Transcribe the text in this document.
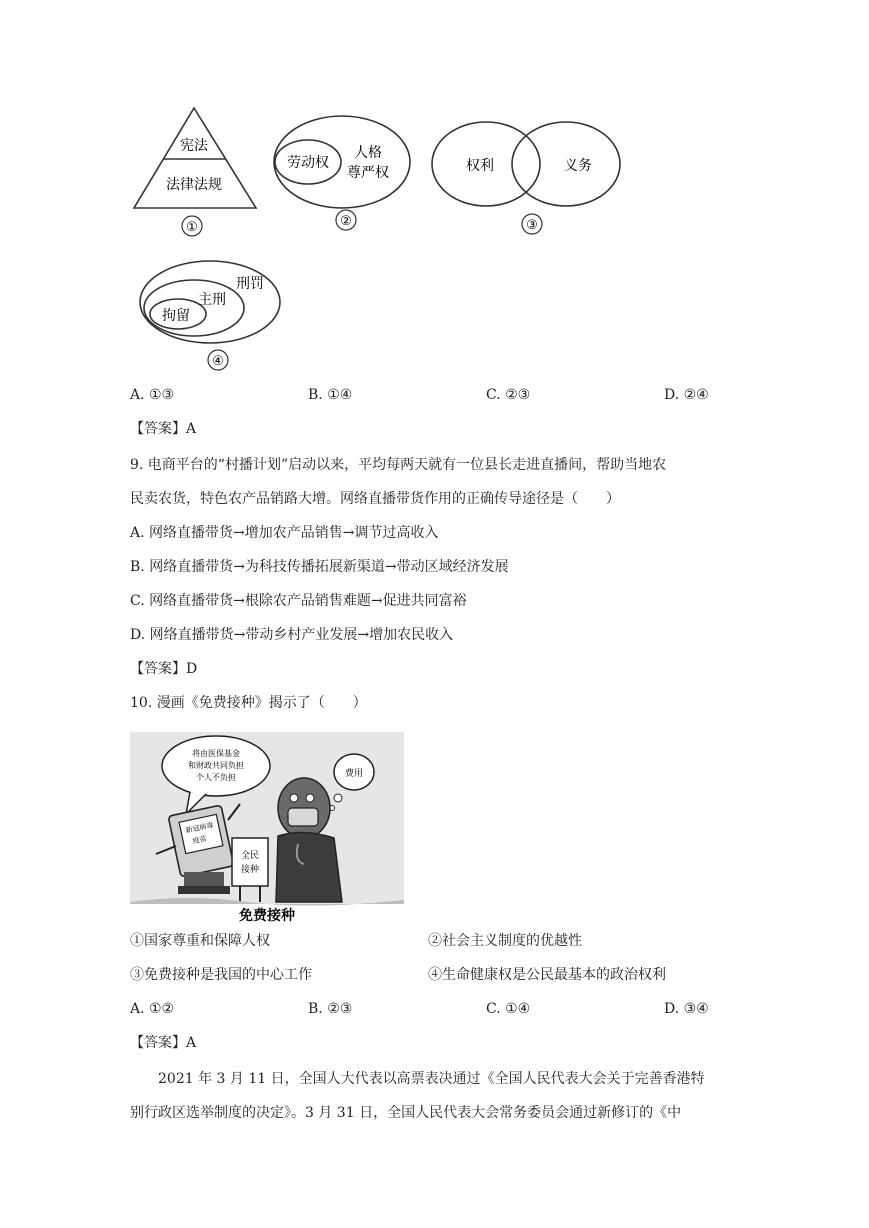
宪法
法律法规
①
劳动权
人格
尊严权
②
权利	义务
③
刑罚
主刑
拘留
④
A. ①③	B. ①④	C. ②③	D. ②④
【答案】A
9. 电商平台的“村播计划”启动以来，平均每两天就有一位县长走进直播间，帮助当地农
民卖农货，特色农产品销路大增。网络直播带货作用的正确传导途径是（　　）
A. 网络直播带货→增加农产品销售→调节过高收入
B. 网络直播带货→为科技传播拓展新渠道→带动区域经济发展
C. 网络直播带货→根除农产品销售难题→促进共同富裕
D. 网络直播带货→带动乡村产业发展→增加农民收入
【答案】D
10. 漫画《免费接种》揭示了（　　）
将由医保基金
和财政共同负担
个人不负担	费用
新冠病毒
疫苗
全民
接种
免费接种
①国家尊重和保障人权	②社会主义制度的优越性
③免费接种是我国的中心工作	④生命健康权是公民最基本的政治权利
A. ①②	B. ②③	C. ①④	D. ③④
【答案】A
2021 年 3 月 11 日，全国人大代表以高票表决通过《全国人民代表大会关于完善香港特
别行政区选举制度的决定》。3 月 31 日，全国人民代表大会常务委员会通过新修订的《中
